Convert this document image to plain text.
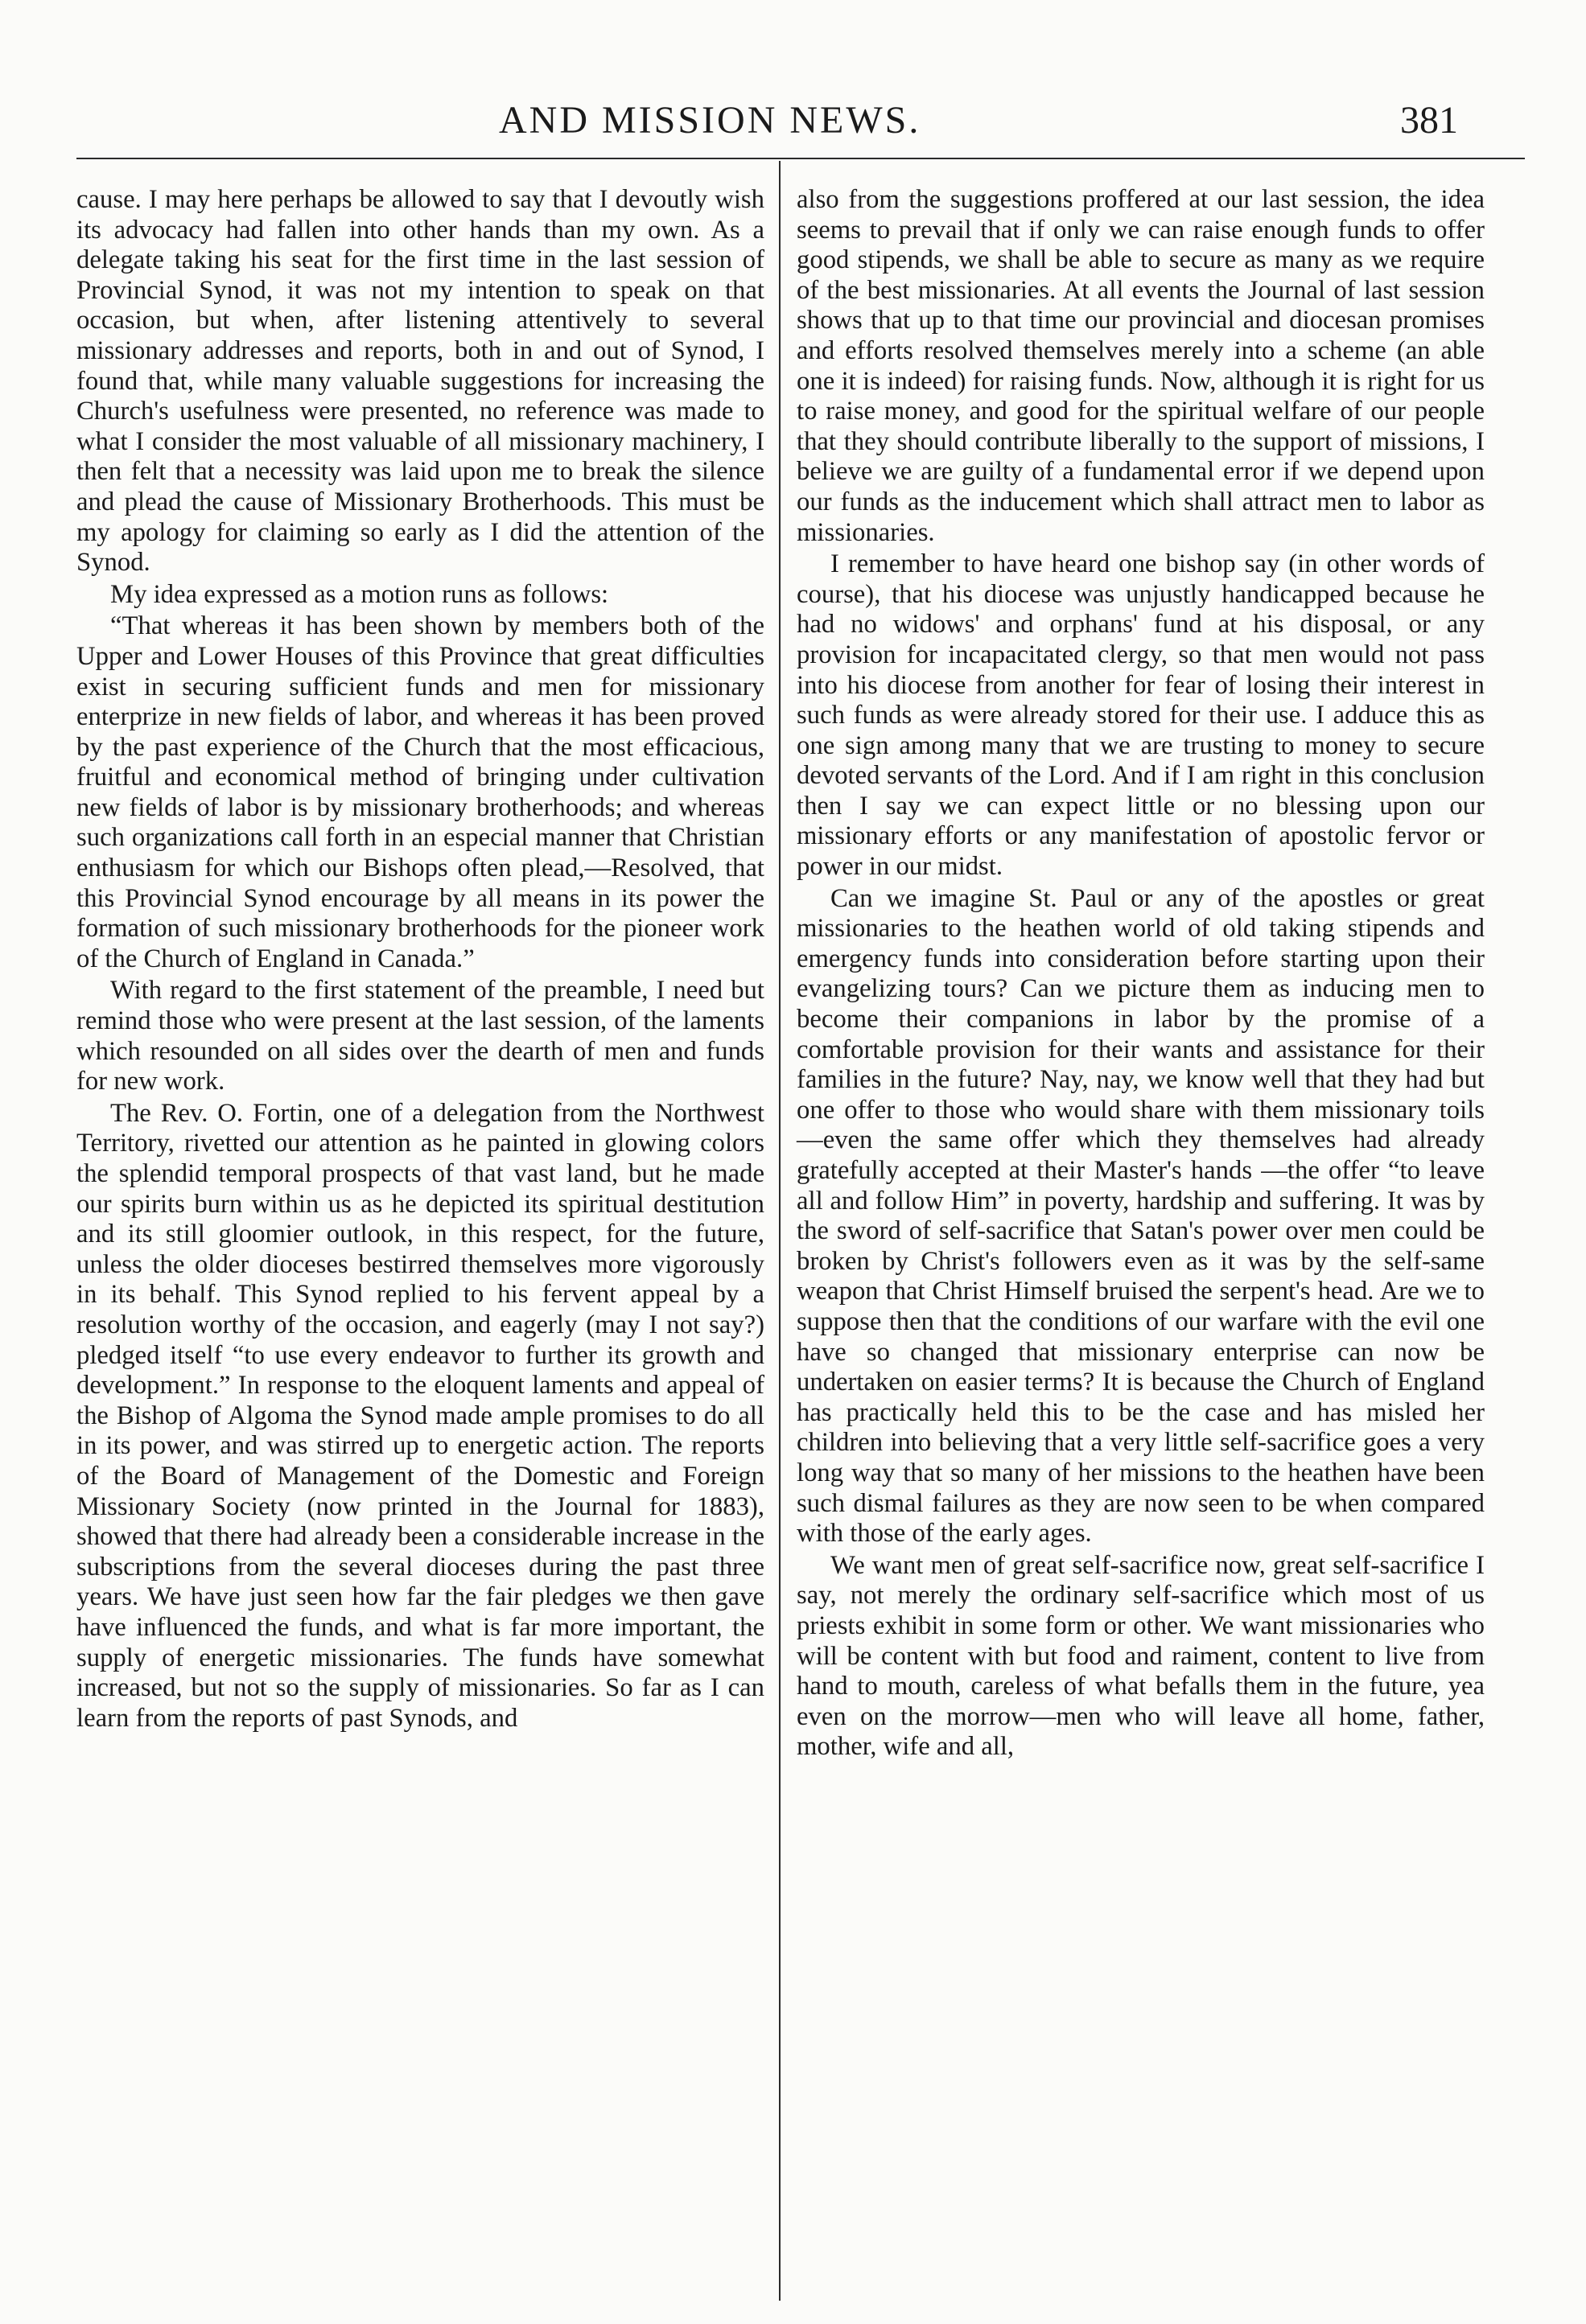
AND MISSION NEWS.	381

cause. I may here perhaps be allowed to say that I devoutly wish its advocacy had fallen into other hands than my own. As a delegate taking his seat for the first time in the last session of Provincial Synod, it was not my intention to speak on that occasion, but when, after listening attentively to several missionary addresses and reports, both in and out of Synod, I found that, while many valuable suggestions for increasing the Church's usefulness were presented, no reference was made to what I consider the most valuable of all missionary machinery, I then felt that a necessity was laid upon me to break the silence and plead the cause of Missionary Brotherhoods. This must be my apology for claiming so early as I did the attention of the Synod.

My idea expressed as a motion runs as follows:

“That whereas it has been shown by members both of the Upper and Lower Houses of this Province that great difficulties exist in securing sufficient funds and men for missionary enterprize in new fields of labor, and whereas it has been proved by the past experience of the Church that the most efficacious, fruitful and economical method of bringing under cultivation new fields of labor is by missionary brotherhoods; and whereas such organizations call forth in an especial manner that Christian enthusiasm for which our Bishops often plead,—Resolved, that this Provincial Synod encourage by all means in its power the formation of such missionary brotherhoods for the pioneer work of the Church of England in Canada.”

With regard to the first statement of the preamble, I need but remind those who were present at the last session, of the laments which resounded on all sides over the dearth of men and funds for new work.

The Rev. O. Fortin, one of a delegation from the Northwest Territory, rivetted our attention as he painted in glowing colors the splendid temporal prospects of that vast land, but he made our spirits burn within us as he depicted its spiritual destitution and its still gloomier outlook, in this respect, for the future, unless the older dioceses bestirred themselves more vigorously in its behalf. This Synod replied to his fervent appeal by a resolution worthy of the occasion, and eagerly (may I not say?) pledged itself “to use every endeavor to further its growth and development.” In response to the eloquent laments and appeal of the Bishop of Algoma the Synod made ample promises to do all in its power, and was stirred up to energetic action. The reports of the Board of Management of the Domestic and Foreign Missionary Society (now printed in the Journal for 1883), showed that there had already been a considerable increase in the subscriptions from the several dioceses during the past three years. We have just seen how far the fair pledges we then gave have influenced the funds, and what is far more important, the supply of energetic missionaries. The funds have somewhat increased, but not so the supply of missionaries. So far as I can learn from the reports of past Synods, and

also from the suggestions proffered at our last session, the idea seems to prevail that if only we can raise enough funds to offer good stipends, we shall be able to secure as many as we require of the best missionaries. At all events the Journal of last session shows that up to that time our provincial and diocesan promises and efforts resolved themselves merely into a scheme (an able one it is indeed) for raising funds. Now, although it is right for us to raise money, and good for the spiritual welfare of our people that they should contribute liberally to the support of missions, I believe we are guilty of a fundamental error if we depend upon our funds as the inducement which shall attract men to labor as missionaries.

I remember to have heard one bishop say (in other words of course), that his diocese was unjustly handicapped because he had no widows' and orphans' fund at his disposal, or any provision for incapacitated clergy, so that men would not pass into his diocese from another for fear of losing their interest in such funds as were already stored for their use. I adduce this as one sign among many that we are trusting to money to secure devoted servants of the Lord. And if I am right in this conclusion then I say we can expect little or no blessing upon our missionary efforts or any manifestation of apostolic fervor or power in our midst.

Can we imagine St. Paul or any of the apostles or great missionaries to the heathen world of old taking stipends and emergency funds into consideration before starting upon their evangelizing tours? Can we picture them as inducing men to become their companions in labor by the promise of a comfortable provision for their wants and assistance for their families in the future? Nay, nay, we know well that they had but one offer to those who would share with them missionary toils —even the same offer which they themselves had already gratefully accepted at their Master's hands —the offer “to leave all and follow Him” in poverty, hardship and suffering. It was by the sword of self-sacrifice that Satan's power over men could be broken by Christ's followers even as it was by the self-same weapon that Christ Himself bruised the serpent's head. Are we to suppose then that the conditions of our warfare with the evil one have so changed that missionary enterprise can now be undertaken on easier terms? It is because the Church of England has practically held this to be the case and has misled her children into believing that a very little self-sacrifice goes a very long way that so many of her missions to the heathen have been such dismal failures as they are now seen to be when compared with those of the early ages.

We want men of great self-sacrifice now, great self-sacrifice I say, not merely the ordinary self-sacrifice which most of us priests exhibit in some form or other. We want missionaries who will be content with but food and raiment, content to live from hand to mouth, careless of what befalls them in the future, yea even on the morrow—men who will leave all home, father, mother, wife and all,
